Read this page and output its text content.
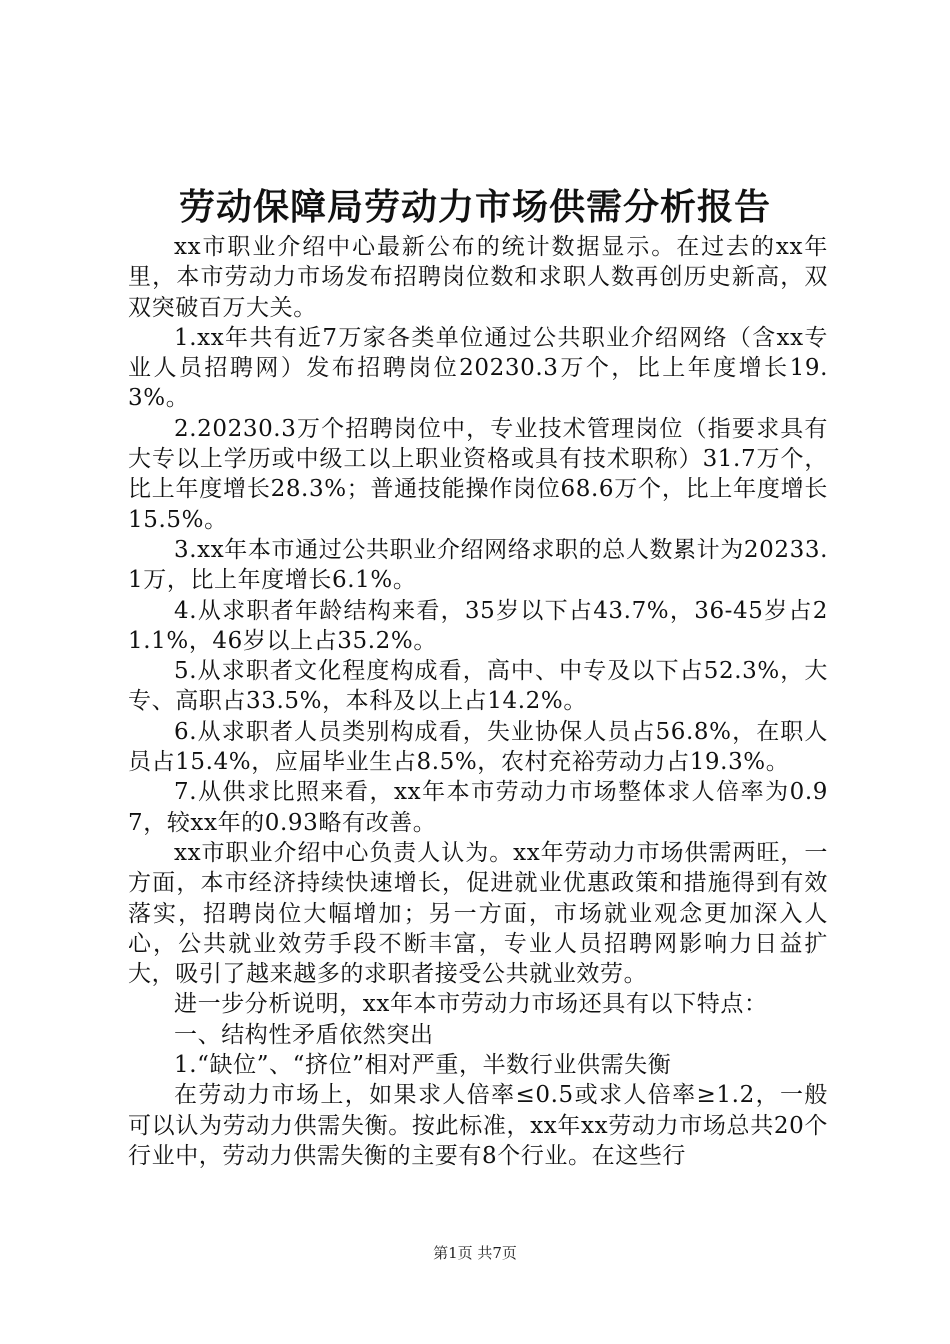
劳动保障局劳动力市场供需分析报告

xx市职业介绍中心最新公布的统计数据显示。在过去的xx年里，本市劳动力市场发布招聘岗位数和求职人数再创历史新高，双双突破百万大关。

1.xx年共有近7万家各类单位通过公共职业介绍网络（含xx专业人员招聘网）发布招聘岗位20230.3万个，比上年度增长19.3%。

2.20230.3万个招聘岗位中，专业技术管理岗位（指要求具有大专以上学历或中级工以上职业资格或具有技术职称）31.7万个，比上年度增长28.3%；普通技能操作岗位68.6万个，比上年度增长15.5%。

3.xx年本市通过公共职业介绍网络求职的总人数累计为20233.1万，比上年度增长6.1%。

4.从求职者年龄结构来看，35岁以下占43.7%，36-45岁占21.1%，46岁以上占35.2%。

5.从求职者文化程度构成看，高中、中专及以下占52.3%，大专、高职占33.5%，本科及以上占14.2%。

6.从求职者人员类别构成看，失业协保人员占56.8%，在职人员占15.4%，应届毕业生占8.5%，农村充裕劳动力占19.3%。

7.从供求比照来看，xx年本市劳动力市场整体求人倍率为0.97，较xx年的0.93略有改善。

xx市职业介绍中心负责人认为。xx年劳动力市场供需两旺，一方面，本市经济持续快速增长，促进就业优惠政策和措施得到有效落实，招聘岗位大幅增加；另一方面，市场就业观念更加深入人心，公共就业效劳手段不断丰富，专业人员招聘网影响力日益扩大，吸引了越来越多的求职者接受公共就业效劳。

进一步分析说明，xx年本市劳动力市场还具有以下特点：

一、结构性矛盾依然突出

1.“缺位”、“挤位”相对严重，半数行业供需失衡

在劳动力市场上，如果求人倍率≤0.5或求人倍率≥1.2，一般可以认为劳动力供需失衡。按此标准，xx年xx劳动力市场总共20个行业中，劳动力供需失衡的主要有8个行业。在这些行

第1页 共7页
